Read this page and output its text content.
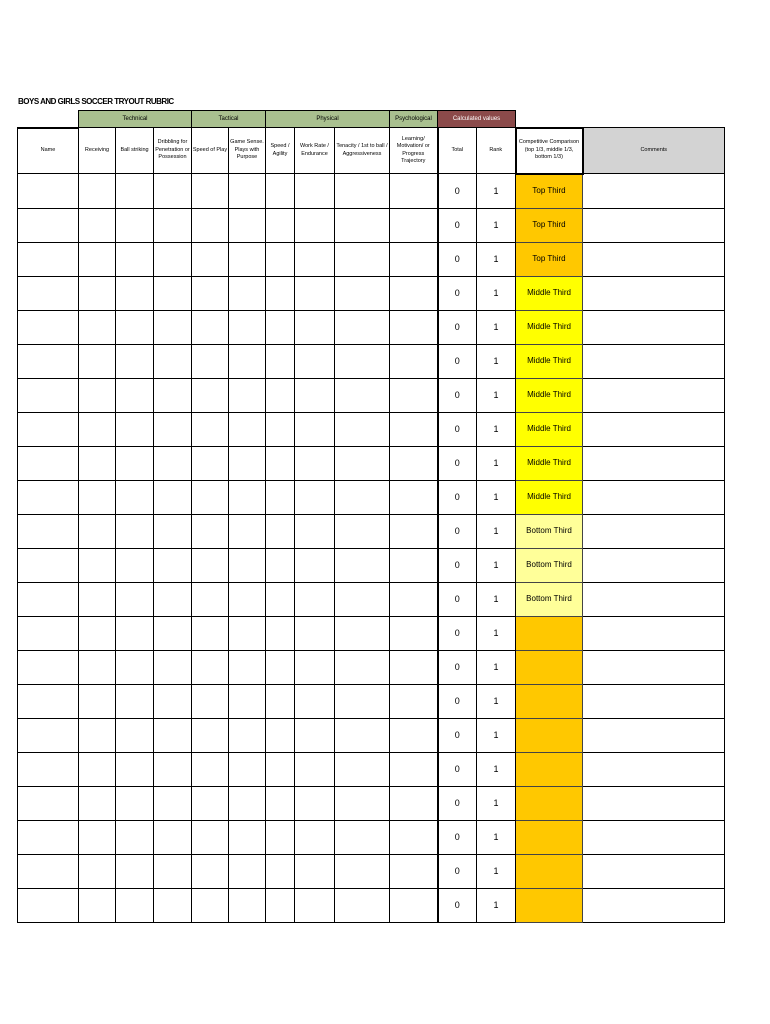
BOYS AND GIRLS SOCCER TRYOUT RUBRIC
	Technical			Tactical		Physical			Psychological	Calculated values			
Name	Receiving	Ball striking	Dribbling for Penetration or Possession	Speed of Play	Game Sense. Plays with Purpose	Speed / Agility	Work Rate / Endurance	Tenacity / 1st to ball / Aggressiveness	Learning/ Motivation/ or Progress Trajectory	Total	Rank	Competitive Comparison (top 1/3, middle 1/3, bottom 1/3)	Comments
										0	1	Top Third	
										0	1	Top Third	
										0	1	Top Third	
										0	1	Middle Third	
										0	1	Middle Third	
										0	1	Middle Third	
										0	1	Middle Third	
										0	1	Middle Third	
										0	1	Middle Third	
										0	1	Middle Third	
										0	1	Bottom Third	
										0	1	Bottom Third	
										0	1	Bottom Third	
										0	1		
										0	1		
										0	1		
										0	1		
										0	1		
										0	1		
										0	1		
										0	1		
										0	1		
